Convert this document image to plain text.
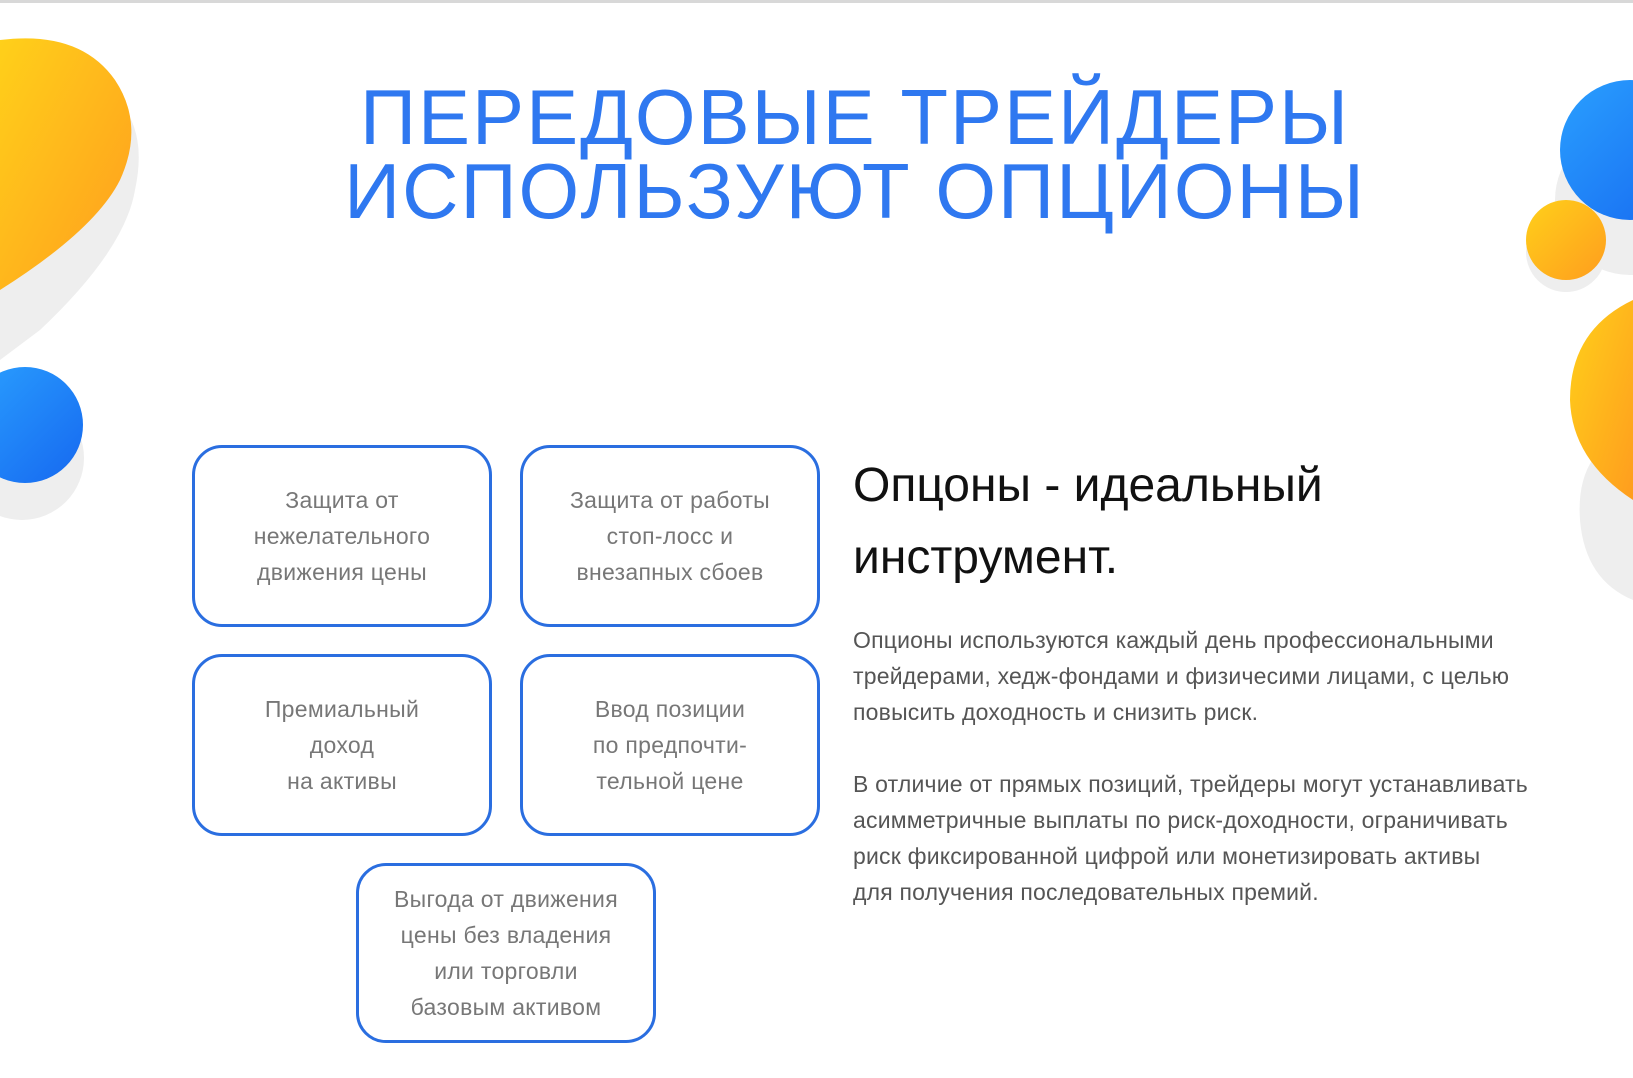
ПЕРЕДОВЫЕ ТРЕЙДЕРЫ
ИСПОЛЬЗУЮТ ОПЦИОНЫ
Защита от
нежелательного
движения цены
Защита от работы
стоп-лосс и
внезапных сбоев
Премиальный
доход
на активы
Ввод позиции
по предпочти-
тельной цене
Выгода от движения
цены без владения
или торговли
базовым активом
Опцоны - идеальный
инструмент.

Опционы используются каждый день профессиональными
трейдерами, хедж-фондами и физичесими лицами, с целью
повысить доходность и снизить риск.

В отличие от прямых позиций, трейдеры могут устанавливать
асимметричные выплаты по риск-доходности, ограничивать
риск фиксированной цифрой или монетизировать активы
для получения последовательных премий.
